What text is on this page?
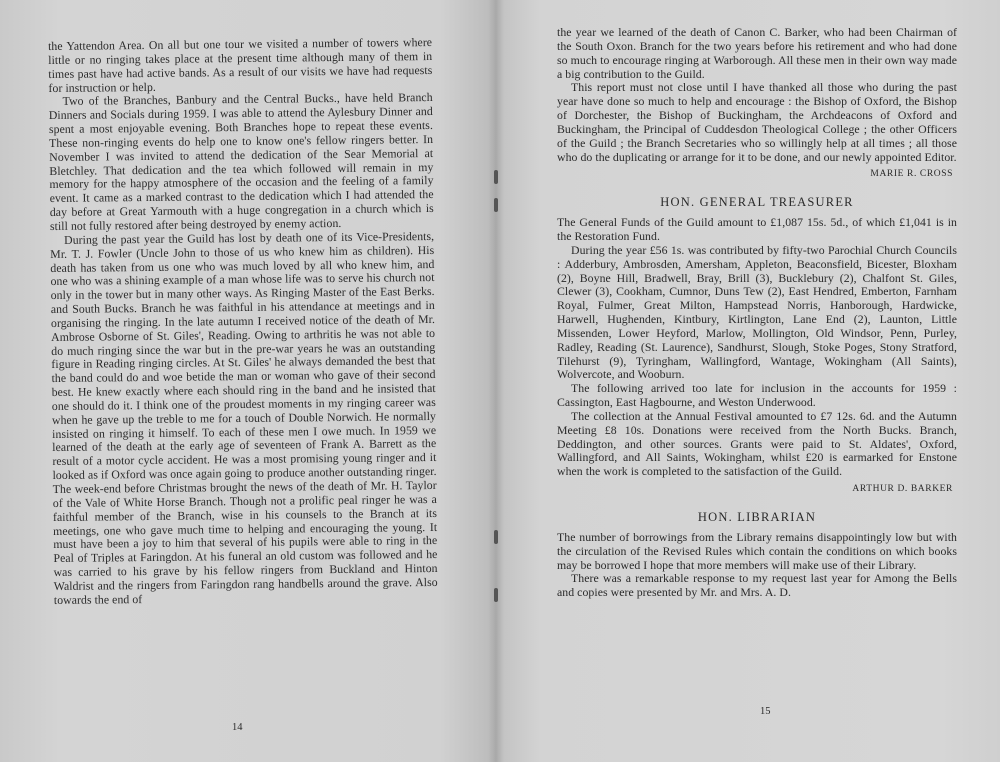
the Yattendon Area. On all but one tour we visited a number of towers where little or no ringing takes place at the present time although many of them in times past have had active bands. As a result of our visits we have had requests for instruction or help.

Two of the Branches, Banbury and the Central Bucks., have held Branch Dinners and Socials during 1959. I was able to attend the Aylesbury Dinner and spent a most enjoyable evening. Both Branches hope to repeat these events. These non-ringing events do help one to know one's fellow ringers better. In November I was invited to attend the dedication of the Sear Memorial at Bletchley. That dedication and the tea which followed will remain in my memory for the happy atmosphere of the occasion and the feeling of a family event. It came as a marked contrast to the dedication which I had attended the day before at Great Yarmouth with a huge congregation in a church which is still not fully restored after being destroyed by enemy action.

During the past year the Guild has lost by death one of its Vice-Presidents, Mr. T. J. Fowler (Uncle John to those of us who knew him as children). His death has taken from us one who was much loved by all who knew him, and one who was a shining example of a man whose life was to serve his church not only in the tower but in many other ways. As Ringing Master of the East Berks. and South Bucks. Branch he was faithful in his attendance at meetings and in organising the ringing. In the late autumn I received notice of the death of Mr. Ambrose Osborne of St. Giles', Reading. Owing to arthritis he was not able to do much ringing since the war but in the pre-war years he was an outstanding figure in Reading ringing circles. At St. Giles' he always demanded the best that the band could do and woe betide the man or woman who gave of their second best. He knew exactly where each should ring in the band and he insisted that one should do it. I think one of the proudest moments in my ringing career was when he gave up the treble to me for a touch of Double Norwich. He normally insisted on ringing it himself. To each of these men I owe much. In 1959 we learned of the death at the early age of seventeen of Frank A. Barrett as the result of a motor cycle accident. He was a most promising young ringer and it looked as if Oxford was once again going to produce another outstanding ringer. The week-end before Christmas brought the news of the death of Mr. H. Taylor of the Vale of White Horse Branch. Though not a prolific peal ringer he was a faithful member of the Branch, wise in his counsels to the Branch at its meetings, one who gave much time to helping and encouraging the young. It must have been a joy to him that several of his pupils were able to ring in the Peal of Triples at Faringdon. At his funeral an old custom was followed and he was carried to his grave by his fellow ringers from Buckland and Hinton Waldrist and the ringers from Faringdon rang handbells around the grave. Also towards the end of

14

the year we learned of the death of Canon C. Barker, who had been Chairman of the South Oxon. Branch for the two years before his retirement and who had done so much to encourage ringing at Warborough. All these men in their own way made a big contribution to the Guild.

This report must not close until I have thanked all those who during the past year have done so much to help and encourage : the Bishop of Oxford, the Bishop of Dorchester, the Bishop of Buckingham, the Archdeacons of Oxford and Buckingham, the Principal of Cuddesdon Theological College ; the other Officers of the Guild ; the Branch Secretaries who so willingly help at all times ; all those who do the duplicating or arrange for it to be done, and our newly appointed Editor.

MARIE R. CROSS
HON. GENERAL TREASURER

The General Funds of the Guild amount to £1,087 15s. 5d., of which £1,041 is in the Restoration Fund.

During the year £56 1s. was contributed by fifty-two Parochial Church Councils : Adderbury, Ambrosden, Amersham, Appleton, Beaconsfield, Bicester, Bloxham (2), Boyne Hill, Bradwell, Bray, Brill (3), Bucklebury (2), Chalfont St. Giles, Clewer (3), Cookham, Cumnor, Duns Tew (2), East Hendred, Emberton, Farnham Royal, Fulmer, Great Milton, Hampstead Norris, Hanborough, Hardwicke, Harwell, Hughenden, Kintbury, Kirtlington, Lane End (2), Launton, Little Missenden, Lower Heyford, Marlow, Mollington, Old Windsor, Penn, Purley, Radley, Reading (St. Laurence), Sandhurst, Slough, Stoke Poges, Stony Stratford, Tilehurst (9), Tyringham, Wallingford, Wantage, Wokingham (All Saints), Wolvercote, and Wooburn.

The following arrived too late for inclusion in the accounts for 1959 : Cassington, East Hagbourne, and Weston Underwood.

The collection at the Annual Festival amounted to £7 12s. 6d. and the Autumn Meeting £8 10s. Donations were received from the North Bucks. Branch, Deddington, and other sources. Grants were paid to St. Aldates', Oxford, Wallingford, and All Saints, Wokingham, whilst £20 is earmarked for Enstone when the work is completed to the satisfaction of the Guild.

ARTHUR D. BARKER
HON. LIBRARIAN

The number of borrowings from the Library remains disappointingly low but with the circulation of the Revised Rules which contain the conditions on which books may be borrowed I hope that more members will make use of their Library.

There was a remarkable response to my request last year for Among the Bells and copies were presented by Mr. and Mrs. A. D.

15
